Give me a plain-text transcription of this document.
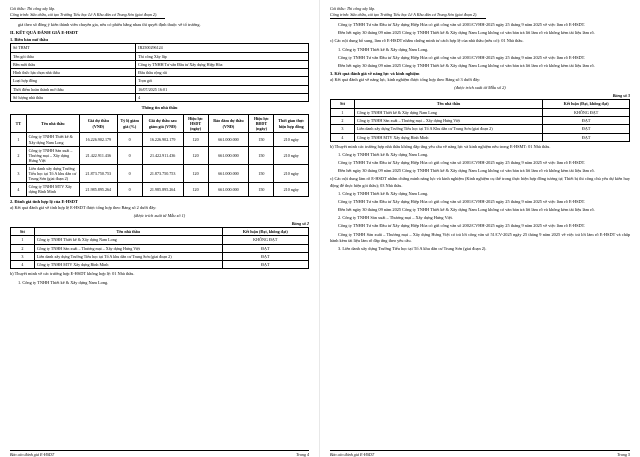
Gói thầu: Thi công xây lắp.
Công trình: Sửa chữa, cải tạo Trường Tiểu học Lê A Khu dân cư Trung Sơn (giai đoạn 2).

giá theo số đồng ý kiến thành viên chuyên gia, nêu có phiếu bằng nhau thì quyết định thuộc về tổ trưởng.

II. KẾT QUẢ ĐÁNH GIÁ E-HSDT
1. Biên bản mở thầu
Số TBMT	IB2500296124
Tên gói thầu	Thi công Xây lắp
Bên mời thầu	Công ty TNHH Tư vấn Đầu tư Xây dựng Hiệp Hòa
Hình thức lựa chọn nhà thầu	Đấu thầu rộng rãi
Loại hợp đồng	Trọn gói
Thời điểm hoàn thành mở thầu	16/07/2025 16:01
Số lượng nhà thầu	4

Thông tin nhà thầu

TT	Tên nhà thầu	Giá dự thầu (VNĐ)	Tỷ lệ giảm giá (%)	Giá dự thầu sau giảm giá (VNĐ)	Hiệu lực HSDT (ngày)	Bảo đảm dự thầu (VNĐ)	Hiệu lực BĐDT (ngày)	Thời gian thực hiện hợp đồng
1	Công ty TNHH Thiết kế & Xây dựng Nam Long	16.226.902.179	0	16.226.902.179	120	661.000.000	150	210 ngày
2	Công ty TNHH Sản xuất – Thương mại – Xây dựng Hưng Việt	21.422.911.436	0	21.422.911.436	120	661.000.000	150	210 ngày
3	Liên danh xây dựng Trường Tiểu học tại Tổ A khu dân cư Trung Sơn (giai đoạn 2)	21.873.750.753	0	21.873.750.753	120	661.000.000	150	210 ngày
4	Công ty TNHH MTV Xây dựng Bình Minh	21.985.895.264	0	21.985.895.264	120	661.000.000	150	210 ngày
2. Đánh giá tính hợp lệ của E-HSDT

a) Kết quả đánh giá về tính hợp lệ E-HSDT được tổng hợp theo Bảng số 2 dưới đây:

(được trích xuất từ Mẫu số 1)

Bảng số 2
Stt	Tên nhà thầu	Kết luận (Đạt, không đạt)
1	Công ty TNHH Thiết kế & Xây dựng Nam Long	KHÔNG ĐẠT
2	Công ty TNHH Sản xuất – Thương mại – Xây dựng Hưng Việt	ĐẠT
3	Liên danh xây dựng Trường Tiểu học tại Tổ A khu dân cư Trung Sơn (giai đoạn 2)	ĐẠT
4	Công ty TNHH MTV Xây dựng Bình Minh	ĐẠT

b) Thuyết minh về các trường hợp E-HSDT không hợp lệ: 01 Nhà thầu.

1. Công ty TNHH Thiết kế & Xây dựng Nam Long.

Báo cáo đánh giá E-HSDT	Trang 4
Gói thầu: Thi công xây lắp.
Công trình: Sửa chữa, cải tạo Trường Tiểu học Lê A Khu dân cư Trung Sơn (giai đoạn 2).

Công ty TNHH Tư vấn Đầu tư Xây dựng Hiệp Hòa có gửi công văn số 2001/CVHH-2025 ngày 25 tháng 9 năm 2025 về việc làm rõ E-HSDT.

Đến hết ngày 30 tháng 09 năm 2025 Công ty TNHH Thiết kế & Xây dựng Nam Long không có văn bản trả lời làm rõ và không kèm tài liệu làm rõ.

c) Các nội dung bổ sung, làm rõ E-HSDT nhằm chứng minh tư cách hợp lệ của nhà thầu (nếu có): 01 Nhà thầu.

1. Công ty TNHH Thiết kế & Xây dựng Nam Long.

Công ty TNHH Tư vấn Đầu tư Xây dựng Hiệp Hòa có gửi công văn số 2001/CVHH-2025 ngày 25 tháng 9 năm 2025 về việc làm rõ E-HSDT.

Đến hết ngày 30 tháng 09 năm 2025 Công ty TNHH Thiết kế & Xây dựng Nam Long không có văn bản trả lời làm rõ và không kèm tài liệu làm rõ.

3. Kết quả đánh giá về năng lực và kinh nghiệm

a) Kết quả đánh giá về năng lực, kinh nghiệm được tổng hợp theo Bảng số 3 dưới đây:

(được trích xuất từ Mẫu số 2)

Bảng số 3
Stt	Tên nhà thầu	Kết luận (Đạt, không đạt)
1	Công ty TNHH Thiết kế & Xây dựng Nam Long	KHÔNG ĐẠT
2	Công ty TNHH Sản xuất – Thương mại – Xây dựng Hưng Việt	ĐẠT
3	Liên danh xây dựng Trường Tiểu học tại Tổ A Khu dân cư Trung Sơn (giai đoạn 2)	ĐẠT
4	Công ty TNHH MTV Xây dựng Bình Minh	ĐẠT

b) Thuyết minh các trường hợp nhà thầu không đáp ứng yêu cầu về năng lực và kinh nghiệm nêu trong E-HSMT: 01 Nhà thầu.

1. Công ty TNHH Thiết kế & Xây dựng Nam Long.

Công ty TNHH Tư vấn Đầu tư Xây dựng Hiệp Hòa có gửi công văn số 2001/CVHH-2025 ngày 25 tháng 9 năm 2025 về việc làm rõ E-HSDT.

Đến hết ngày 30 tháng 09 năm 2025 Công ty TNHH Thiết kế & Xây dựng Nam Long không có văn bản trả lời làm rõ và không kèm tài liệu làm rõ.

c) Các nội dung làm rõ E-HSDT nhằm chứng minh năng lực và kinh nghiệm (Kinh nghiệm cụ thể trong thực hiện hợp đồng tương tự; Thiết bị thi công chủ yếu dự kiến huy động để thực hiện gói thầu); 03 Nhà thầu.

1. Công ty TNHH Thiết kế & Xây dựng Nam Long.

Công ty TNHH Tư vấn Đầu tư Xây dựng Hiệp Hòa có gửi công văn số 2001/CVHH-2025 ngày 25 tháng 9 năm 2025 về việc làm rõ E-HSDT.

Đến hết ngày 30 tháng 09 năm 2025 Công ty TNHH Thiết kế & Xây dựng Nam Long không có văn bản trả lời làm rõ và không kèm tài liệu làm rõ.

2. Công ty TNHH Sản xuất – Thương mại – Xây dựng Hưng Việt.

Công ty TNHH Tư vấn Đầu tư Xây dựng Hiệp Hòa có gửi công văn số 2002/CVHH-2025 ngày 25 tháng 9 năm 2025 về việc làm rõ E-HSDT.

Công ty TNHH Sản xuất – Thương mại – Xây dựng Hưng Việt có trả lời công văn số 51/CV-2025 ngày 25 tháng 9 năm 2025 về việc trả lời làm rõ E-HSDT và chấp hành kèm tài liệu làm rõ đáp ứng theo yêu cầu.

3. Liên danh xây dựng Trường Tiểu học tại Tổ A khu dân cư Trung Sơn (giai đoạn 2).

Báo cáo đánh giá E-HSDT	Trang 5
